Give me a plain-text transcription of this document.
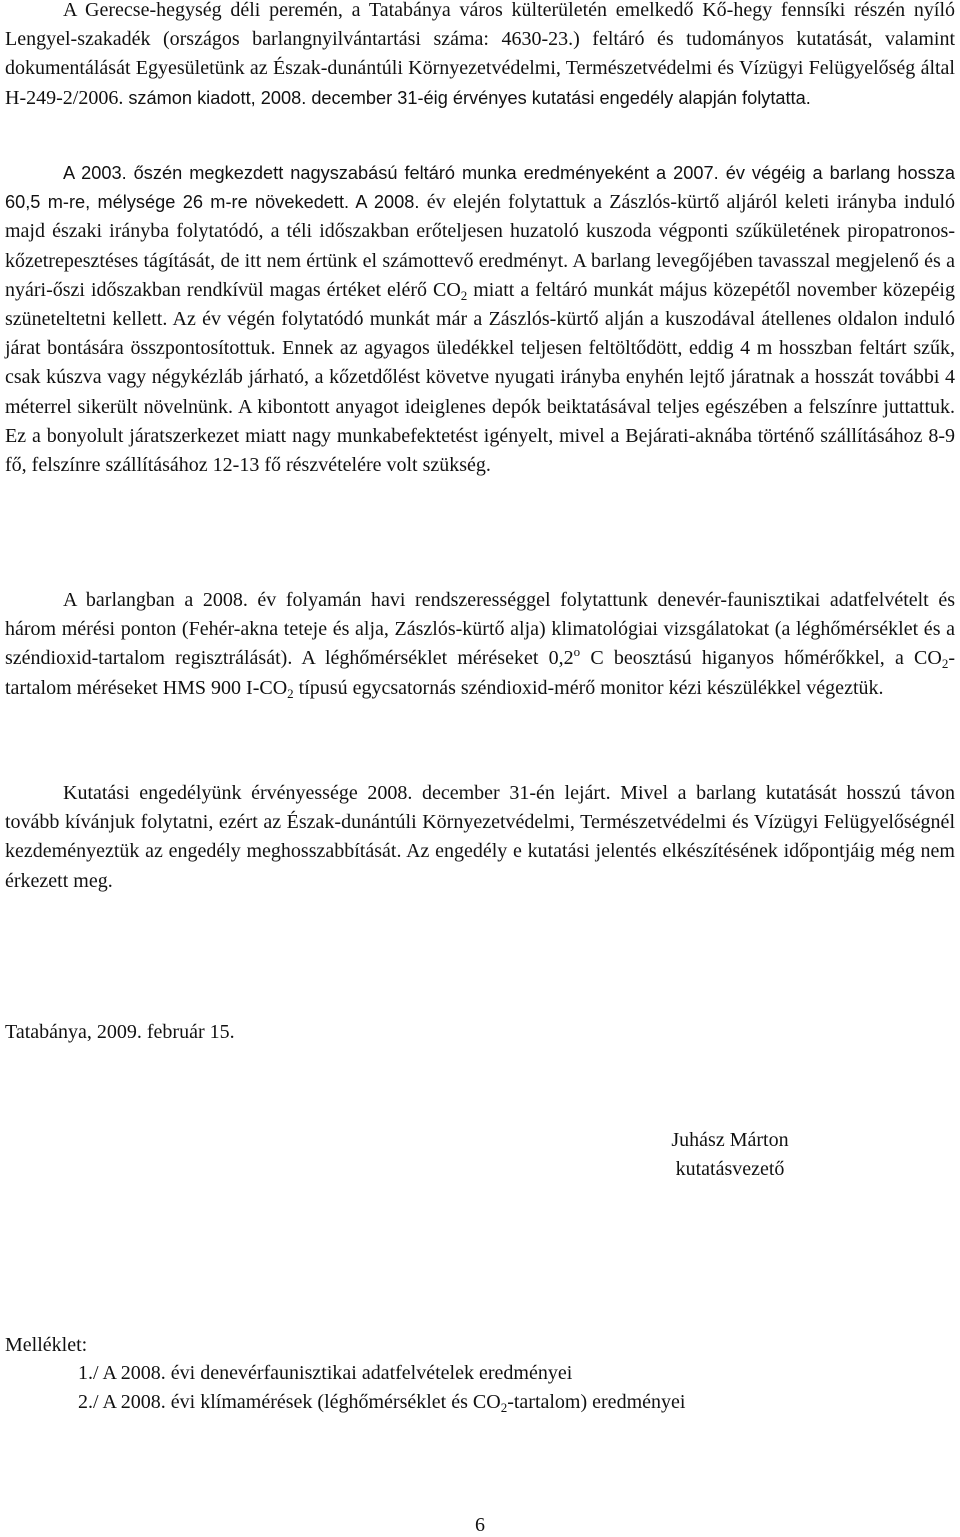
A Gerecse-hegység déli peremén, a Tatabánya város külterületén emelkedő Kő-hegy fennsíki részén nyíló Lengyel-szakadék (országos barlangnyilvántartási száma: 4630-23.) feltáró és tudományos kutatását, valamint dokumentálását Egyesületünk az Észak-dunántúli Környezetvédelmi, Természetvédelmi és Vízügyi Felügyelőség által H-249-2/2006. számon kiadott, 2008. december 31-éig érvényes kutatási engedély alapján folytatta.

A 2003. őszén megkezdett nagyszabású feltáró munka eredményeként a 2007. év végéig a barlang hossza 60,5 m-re, mélysége 26 m-re növekedett. A 2008. év elején folytattuk a Zászlós-kürtő aljáról keleti irányba induló majd északi irányba folytatódó, a téli időszakban erőteljesen huzatoló kuszoda végponti szűkületének piropatronos-kőzetrepesztéses tágítását, de itt nem értünk el számottevő eredményt. A barlang levegőjében tavasszal megjelenő és a nyári-őszi időszakban rendkívül magas értéket elérő $CO_2$ miatt a feltáró munkát május közepétől november közepéig szüneteltetni kellett. Az év végén folytatódó munkát már a Zászlós-kürtő alján a kuszodával átellenes oldalon induló járat bontására összpontosítottuk. Ennek az agyagos üledékkel teljesen feltöltődött, eddig 4 m hosszban feltárt szűk, csak kúszva vagy négykézláb járható, a kőzetdőlést követve nyugati irányba enyhén lejtő járatnak a hosszát további 4 méterrel sikerült növelnünk. A kibontott anyagot ideiglenes depók beiktatásával teljes egészében a felszínre juttattuk. Ez a bonyolult járatszerkezet miatt nagy munkabefektetést igényelt, mivel a Bejárati-aknába történő szállításához 8-9 fő, felszínre szállításához 12-13 fő részvételére volt szükség.

A barlangban a 2008. év folyamán havi rendszerességgel folytattunk denevér-faunisztikai adatfelvételt és három mérési ponton (Fehér-akna teteje és alja, Zászlós-kürtő alja) klimatológiai vizsgálatokat (a léghőmérséklet és a széndioxid-tartalom regisztrálását). A léghőmérséklet méréseket 0,2$^o$ C beosztású higanyos hőmérőkkel, a $CO_2$-tartalom méréseket HMS 900 $I-CO_2$ típusú egycsatornás széndioxid-mérő monitor kézi készülékkel végeztük.

Kutatási engedélyünk érvényessége 2008. december 31-én lejárt. Mivel a barlang kutatását hosszú távon tovább kívánjuk folytatni, ezért az Észak-dunántúli Környezetvédelmi, Természetvédelmi és Vízügyi Felügyelőségnél kezdeményeztük az engedély meghosszabbítását. Az engedély e kutatási jelentés elkészítésének időpontjáig még nem érkezett meg.

Tatabánya, 2009. február 15.
Juhász Márton
kutatásvezető
Melléklet:
1./ A 2008. évi denevérfaunisztikai adatfelvételek eredményei
2./ A 2008. évi klímamérések (léghőmérséklet és $CO_2-tartalom$) eredményei
6
